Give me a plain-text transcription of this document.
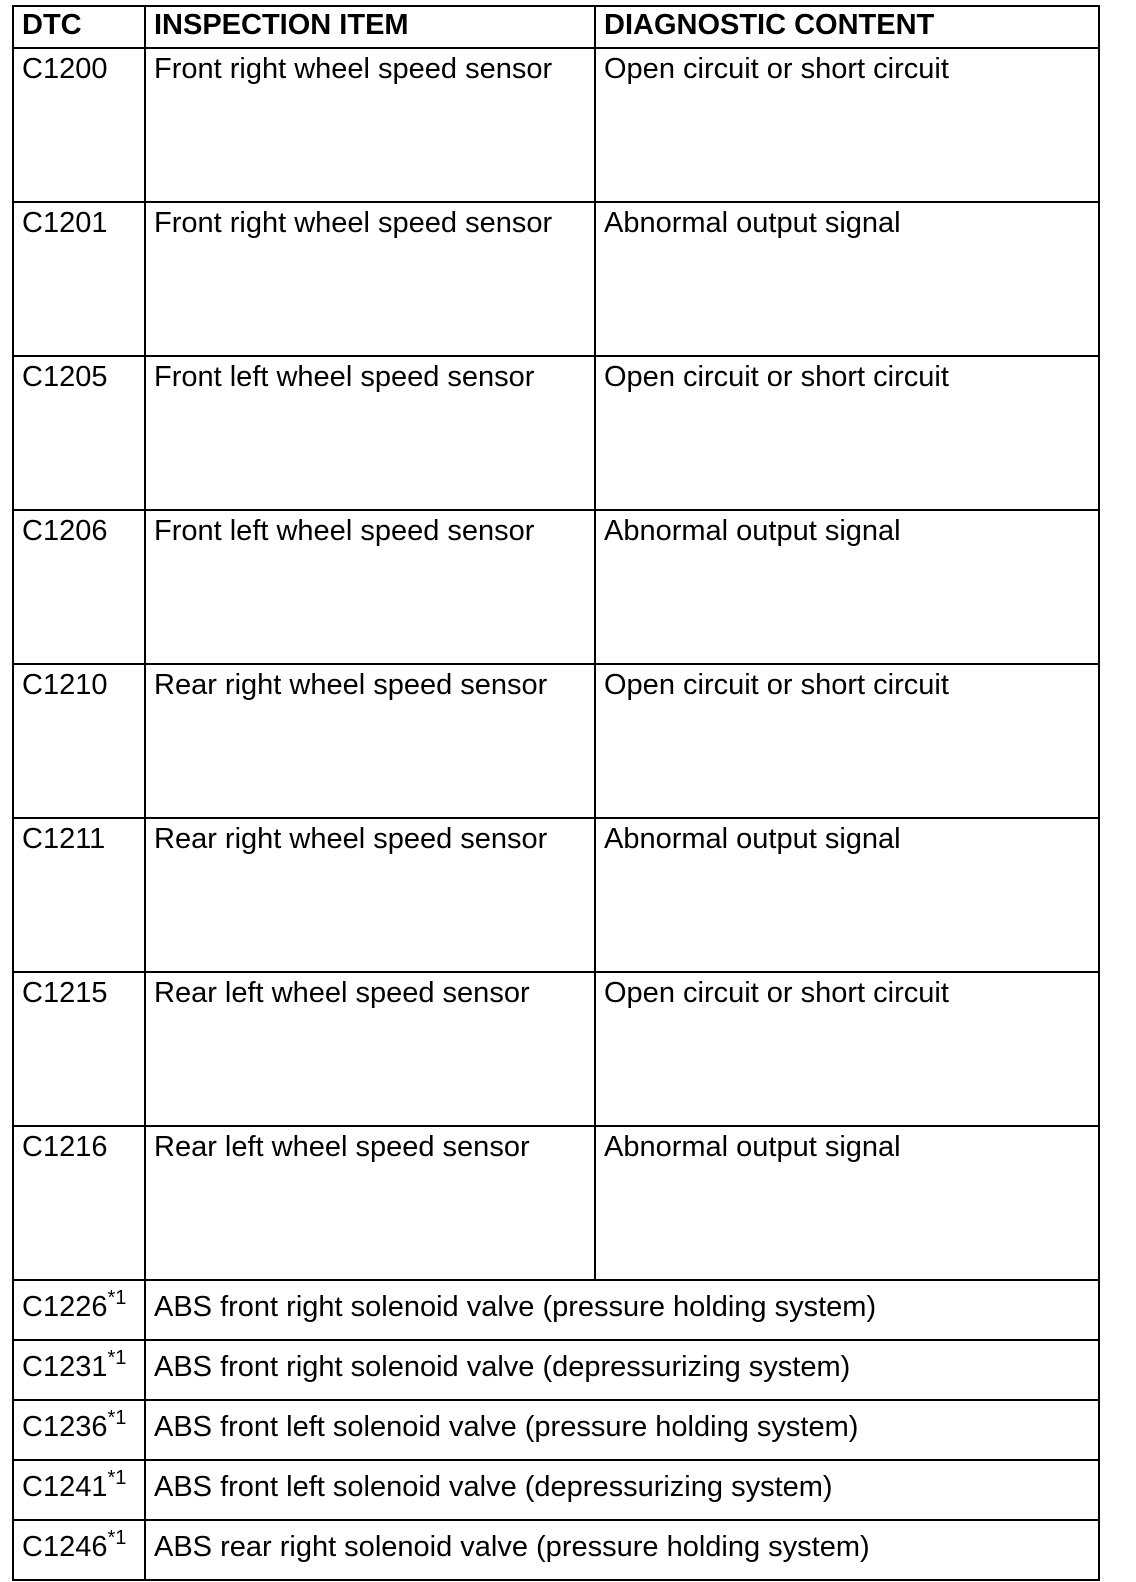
DTC	INSPECTION ITEM	DIAGNOSTIC CONTENT
C1200	Front right wheel speed sensor	Open circuit or short circuit
C1201	Front right wheel speed sensor	Abnormal output signal
C1205	Front left wheel speed sensor	Open circuit or short circuit
C1206	Front left wheel speed sensor	Abnormal output signal
C1210	Rear right wheel speed sensor	Open circuit or short circuit
C1211	Rear right wheel speed sensor	Abnormal output signal
C1215	Rear left wheel speed sensor	Open circuit or short circuit
C1216	Rear left wheel speed sensor	Abnormal output signal
C1226$^{*1}$	ABS front right solenoid valve (pressure holding system)	
C1231$^{*1}$	ABS front right solenoid valve (depressurizing system)	
C1236$^{*1}$	ABS front left solenoid valve (pressure holding system)	
C1241$^{*1}$	ABS front left solenoid valve (depressurizing system)	
C1246$^{*1}$	ABS rear right solenoid valve (pressure holding system)	
